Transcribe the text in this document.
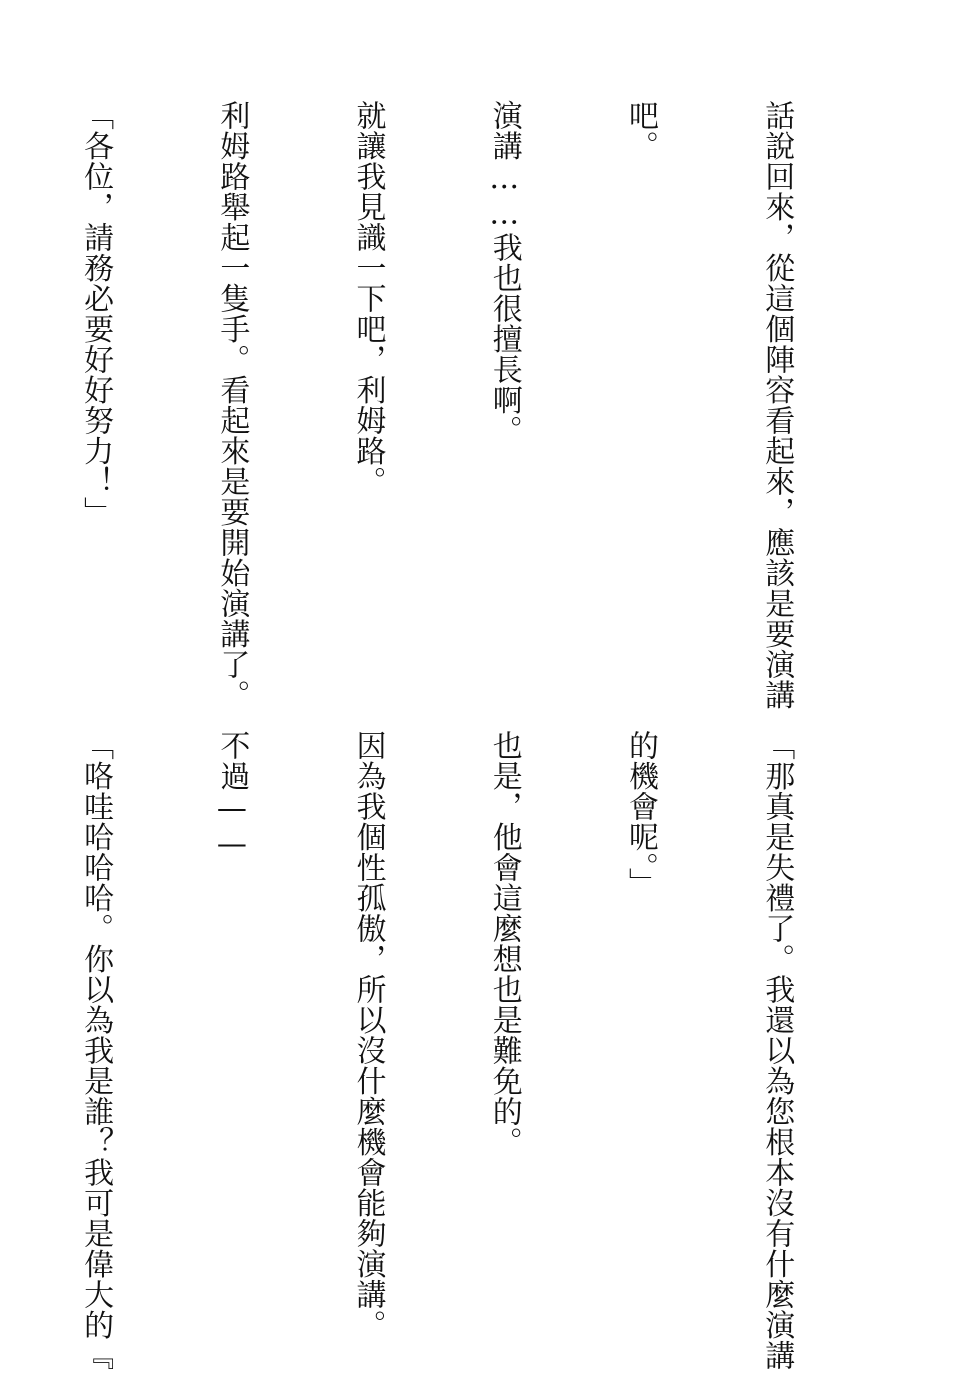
話說回來，從這個陣容看起來，應該是要演講

吧。

演講……我也很擅長啊。

就讓我見識一下吧，利姆路。

利姆路舉起一隻手。看起來是要開始演講了。

「各位，請務必要好好努力！」

「那真是失禮了。我還以為您根本沒有什麼演講

的機會呢。」

也是，他會這麼想也是難免的。

因為我個性孤傲，所以沒什麼機會能夠演講。

不過——

「咯哇哈哈哈。你以為我是誰？我可是偉大的『
